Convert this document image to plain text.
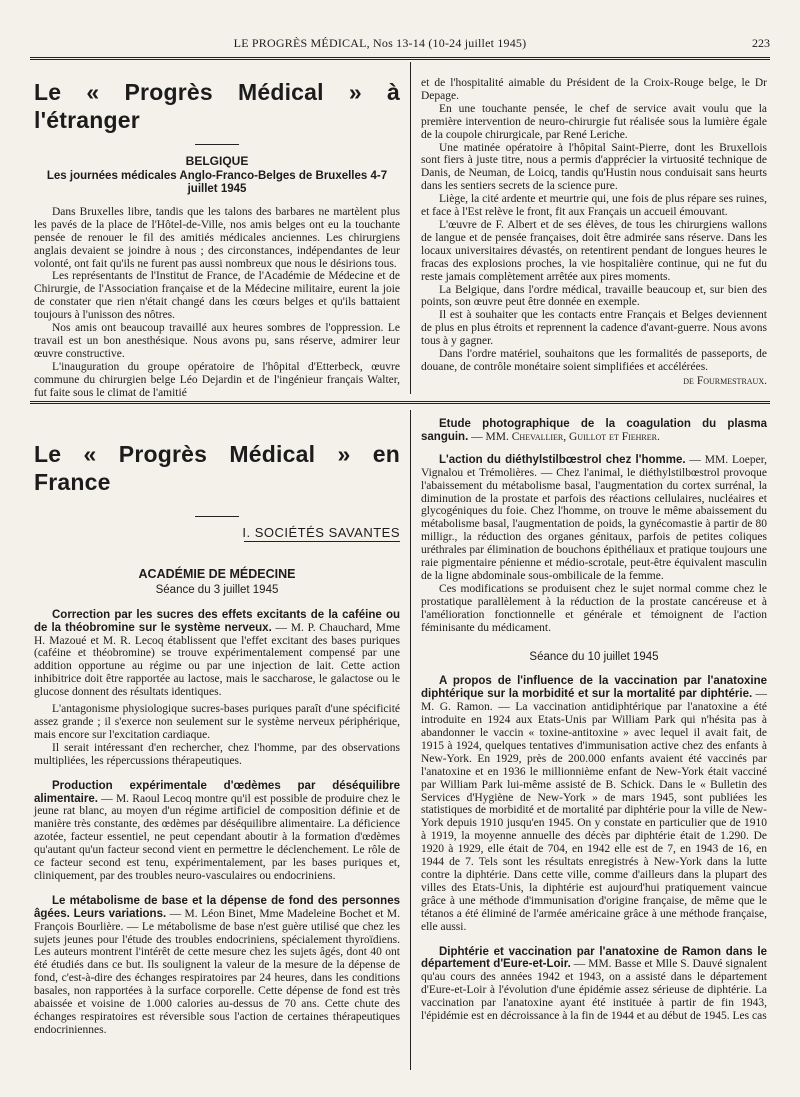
LE PROGRÈS MÉDICAL, Nos 13-14 (10-24 juillet 1945)	223
Le « Progrès Médical » à l'étranger
BELGIQUE
Les journées médicales Anglo-Franco-Belges de Bruxelles 4-7 juillet 1945

Dans Bruxelles libre, tandis que les talons des barbares ne martèlent plus les pavés de la place de l'Hôtel-de-Ville, nos amis belges ont eu la touchante pensée de renouer le fil des amitiés médicales anciennes. Les chirurgiens anglais devaient se joindre à nous ; des circonstances, indépendantes de leur volonté, ont fait qu'ils ne furent pas aussi nombreux que nous le désirions tous.

Les représentants de l'Institut de France, de l'Académie de Médecine et de Chirurgie, de l'Association française et de la Médecine militaire, eurent la joie de constater que rien n'était changé dans les cœurs belges et qu'ils battaient toujours à l'unisson des nôtres.

Nos amis ont beaucoup travaillé aux heures sombres de l'oppression. Le travail est un bon anesthésique. Nous avons pu, sans réserve, admirer leur œuvre constructive.

L'inauguration du groupe opératoire de l'hôpital d'Etterbeck, œuvre commune du chirurgien belge Léo Dejardin et de l'ingénieur français Walter, fut faite sous le climat de l'amitié

et de l'hospitalité aimable du Président de la Croix-Rouge belge, le Dr Depage.

En une touchante pensée, le chef de service avait voulu que la première intervention de neuro-chirurgie fut réalisée sous la lumière égale de la coupole chirurgicale, par René Leriche.

Une matinée opératoire à l'hôpital Saint-Pierre, dont les Bruxellois sont fiers à juste titre, nous a permis d'apprécier la virtuosité technique de Danis, de Neuman, de Loicq, tandis qu'Hustin nous conduisait sans heurts dans les sentiers secrets de la science pure.

Liège, la cité ardente et meurtrie qui, une fois de plus répare ses ruines, et face à l'Est relève le front, fit aux Français un accueil émouvant.

L'œuvre de F. Albert et de ses élèves, de tous les chirurgiens wallons de langue et de pensée françaises, doit être admirée sans réserve. Dans les locaux universitaires dévastés, on retentirent pendant de longues heures le fracas des explosions proches, la vie hospitalière continue, qui ne fut du reste jamais complètement arrêtée aux pires moments.

La Belgique, dans l'ordre médical, travaille beaucoup et, sur bien des points, son œuvre peut être donnée en exemple.

Il est à souhaiter que les contacts entre Français et Belges deviennent de plus en plus étroits et reprennent la cadence d'avant-guerre. Nous avons tous à y gagner.

Dans l'ordre matériel, souhaitons que les formalités de passeports, de douane, de contrôle monétaire soient simplifiées et accélérées.

de Fourmestraux.

Le « Progrès Médical » en France
I. SOCIÉTÉS SAVANTES
ACADÉMIE DE MÉDECINE
Séance du 3 juillet 1945

Correction par les sucres des effets excitants de la caféine ou de la théobromine sur le système nerveux. — M. P. Chauchard, Mme H. Mazoué et M. R. Lecoq établissent que l'effet excitant des bases puriques (caféine et théobromine) se trouve expérimentalement compensé par une addition opportune au régime ou par une injection de lait. Cette action inhibitrice doit être rapportée au lactose, mais le saccharose, le galactose ou le glucose donnent des résultats identiques.

L'antagonisme physiologique sucres-bases puriques paraît d'une spécificité assez grande ; il s'exerce non seulement sur le système nerveux périphérique, mais encore sur l'excitation cardiaque.

Il serait intéressant d'en rechercher, chez l'homme, par des observations multipliées, les répercussions thérapeutiques.

Production expérimentale d'œdèmes par déséquilibre alimentaire. — M. Raoul Lecoq montre qu'il est possible de produire chez le jeune rat blanc, au moyen d'un régime artificiel de composition définie et de manière très constante, des œdèmes par déséquilibre alimentaire. La déficience azotée, facteur essentiel, ne peut cependant aboutir à la formation d'œdèmes qu'autant qu'un facteur second vient en permettre le déclenchement. Le rôle de ce facteur second est tenu, expérimentalement, par les bases puriques et, cliniquement, par des troubles neuro-vasculaires ou endocriniens.

Le métabolisme de base et la dépense de fond des personnes âgées. Leurs variations. — M. Léon Binet, Mme Madeleine Bochet et M. François Bourlière. — Le métabolisme de base n'est guère utilisé que chez les sujets jeunes pour l'étude des troubles endocriniens, spécialement thyroïdiens. Les auteurs montrent l'intérêt de cette mesure chez les sujets âgés, dont 40 ont été étudiés dans ce but. Ils soulignent la valeur de la mesure de la dépense de fond, c'est-à-dire des échanges respiratoires par 24 heures, dans les conditions basales, non rapportées à la surface corporelle. Cette dépense de fond est très abaissée et voisine de 1.000 calories au-dessus de 70 ans. Cette chute des échanges respiratoires est réversible sous l'action de certaines thérapeutiques endocriniennes.

Etude photographique de la coagulation du plasma sanguin. — MM. Chevallier, Guillot et Fiehrer.

L'action du diéthylstilbœstrol chez l'homme. — MM. Loeper, Vignalou et Trémolières. — Chez l'animal, le diéthylstilbœstrol provoque l'abaissement du métabolisme basal, l'augmentation du cortex surrénal, la diminution de la prostate et parfois des réactions cellulaires, nucléaires et glycogéniques du foie. Chez l'homme, on trouve le même abaissement du métabolisme basal, l'augmentation de poids, la gynécomastie à partir de 80 milligr., la réduction des organes génitaux, parfois de petites coliques uréthrales par élimination de bouchons épithéliaux et pratique toujours une raie pigmentaire pénienne et médio-scrotale, peut-être équivalent masculin de la ligne abdominale sous-ombilicale de la femme.

Ces modifications se produisent chez le sujet normal comme chez le prostatique parallèlement à la réduction de la prostate cancéreuse et à l'amélioration fonctionnelle et générale et témoignent de l'action féminisante du médicament.

Séance du 10 juillet 1945

A propos de l'influence de la vaccination par l'anatoxine diphtérique sur la morbidité et sur la mortalité par diphtérie. — M. G. Ramon. — La vaccination antidiphtérique par l'anatoxine a été introduite en 1924 aux Etats-Unis par William Park qui n'hésita pas à abandonner le vaccin « toxine-antitoxine » avec lequel il avait fait, de 1915 à 1924, quelques tentatives d'immunisation active chez des enfants à New-York. En 1929, près de 200.000 enfants avaient été vaccinés par l'anatoxine et en 1936 le millionnième enfant de New-York était vacciné par William Park lui-même assisté de B. Schick. Dans le « Bulletin des Services d'Hygiène de New-York » de mars 1945, sont publiées les statistiques de morbidité et de mortalité par diphtérie pour la ville de New-York depuis 1910 jusqu'en 1945. On y constate en particulier que de 1910 à 1919, la moyenne annuelle des décès par diphtérie était de 1.290. De 1920 à 1929, elle était de 704, en 1942 elle est de 7, en 1943 de 16, en 1944 de 7. Tels sont les résultats enregistrés à New-York dans la lutte contre la diphtérie. Dans cette ville, comme d'ailleurs dans la plupart des villes des Etats-Unis, la diphtérie est aujourd'hui pratiquement vaincue grâce à une méthode d'immunisation d'origine française, de même que le tétanos a été éliminé de l'armée américaine grâce à une méthode française, elle aussi.

Diphtérie et vaccination par l'anatoxine de Ramon dans le département d'Eure-et-Loir. — MM. Basse et Mlle S. Dauvé signalent qu'au cours des années 1942 et 1943, on a assisté dans le département d'Eure-et-Loir à l'évolution d'une épidémie assez sérieuse de diphtérie. La vaccination par l'anatoxine ayant été instituée à partir de fin 1943, l'épidémie est en décroissance à la fin de 1944 et au début de 1945. Les cas
